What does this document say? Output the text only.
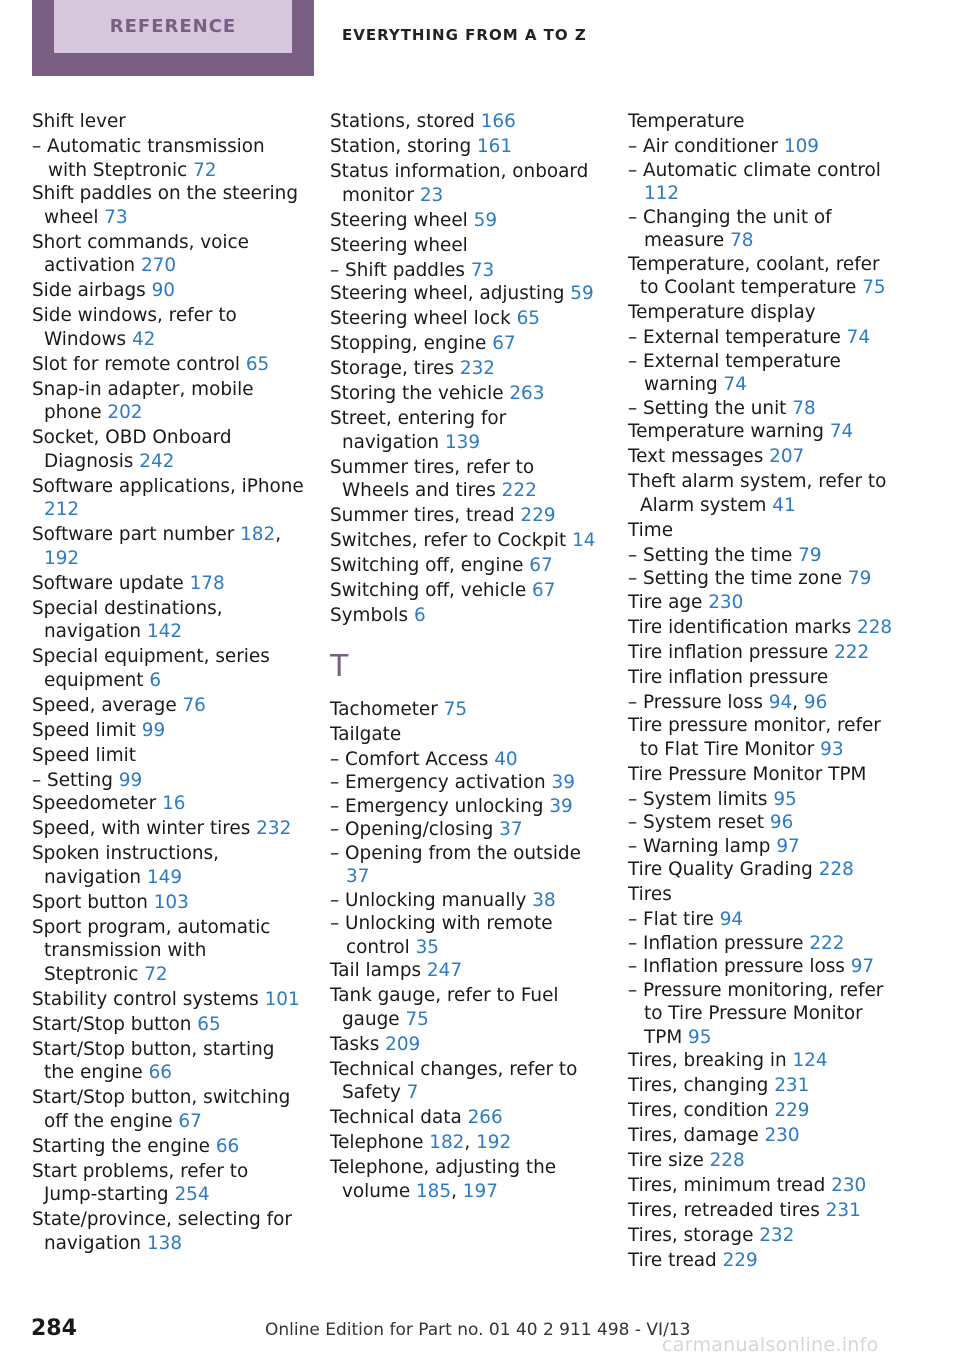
REFERENCE	EVERYTHING FROM A TO Z
Shift lever
– Automatic transmission with Steptronic 72
Shift paddles on the steering wheel 73
Short commands, voice activation 270
Side airbags 90
Side windows, refer to Windows 42
Slot for remote control 65
Snap-in adapter, mobile phone 202
Socket, OBD Onboard Diagnosis 242
Software applications, iPhone 212
Software part number 182, 192
Software update 178
Special destinations, navigation 142
Special equipment, series equipment 6
Speed, average 76
Speed limit 99
Speed limit
– Setting 99
Speedometer 16
Speed, with winter tires 232
Spoken instructions, navigation 149
Sport button 103
Sport program, automatic transmission with Steptronic 72
Stability control systems 101
Start/Stop button 65
Start/Stop button, starting the engine 66
Start/Stop button, switching off the engine 67
Starting the engine 66
Start problems, refer to Jump-starting 254
State/province, selecting for navigation 138
Stations, stored 166
Station, storing 161
Status information, onboard monitor 23
Steering wheel 59
Steering wheel
– Shift paddles 73
Steering wheel, adjusting 59
Steering wheel lock 65
Stopping, engine 67
Storage, tires 232
Storing the vehicle 263
Street, entering for navigation 139
Summer tires, refer to Wheels and tires 222
Summer tires, tread 229
Switches, refer to Cockpit 14
Switching off, engine 67
Switching off, vehicle 67
Symbols 6
T
Tachometer 75
Tailgate
– Comfort Access 40
– Emergency activation 39
– Emergency unlocking 39
– Opening/closing 37
– Opening from the outside 37
– Unlocking manually 38
– Unlocking with remote control 35
Tail lamps 247
Tank gauge, refer to Fuel gauge 75
Tasks 209
Technical changes, refer to Safety 7
Technical data 266
Telephone 182, 192
Telephone, adjusting the volume 185, 197
Temperature
– Air conditioner 109
– Automatic climate control 112
– Changing the unit of measure 78
Temperature, coolant, refer to Coolant temperature 75
Temperature display
– External temperature 74
– External temperature warning 74
– Setting the unit 78
Temperature warning 74
Text messages 207
Theft alarm system, refer to Alarm system 41
Time
– Setting the time 79
– Setting the time zone 79
Tire age 230
Tire identification marks 228
Tire inflation pressure 222
Tire inflation pressure
– Pressure loss 94, 96
Tire pressure monitor, refer to Flat Tire Monitor 93
Tire Pressure Monitor TPM
– System limits 95
– System reset 96
– Warning lamp 97
Tire Quality Grading 228
Tires
– Flat tire 94
– Inflation pressure 222
– Inflation pressure loss 97
– Pressure monitoring, refer to Tire Pressure Monitor TPM 95
Tires, breaking in 124
Tires, changing 231
Tires, condition 229
Tires, damage 230
Tire size 228
Tires, minimum tread 230
Tires, retreaded tires 231
Tires, storage 232
Tire tread 229
284	Online Edition for Part no. 01 40 2 911 498 - VI/13
carmanualsonline.info
